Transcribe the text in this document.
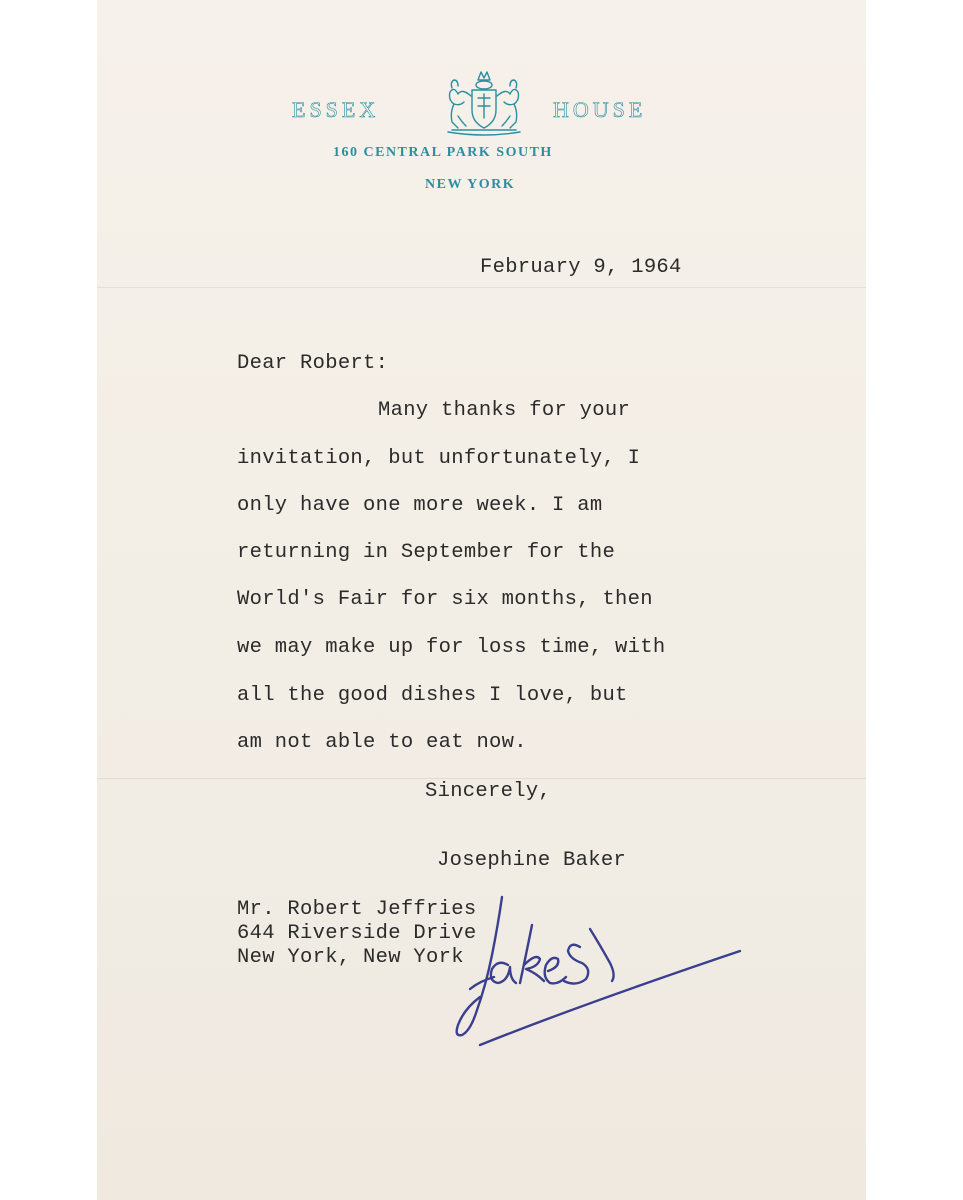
ESSEX	HOUSE
160 CENTRAL PARK SOUTH
NEW YORK
February 9, 1964
Dear Robert:
Many thanks for your
invitation, but unfortunately, I
only have one more week. I am
returning in September for the
World's Fair for six months, then
we may make up for loss time, with
all the good dishes I love, but
am not able to eat now.
Sincerely,
Josephine Baker
Mr. Robert Jeffries
644 Riverside Drive
New York, New York
